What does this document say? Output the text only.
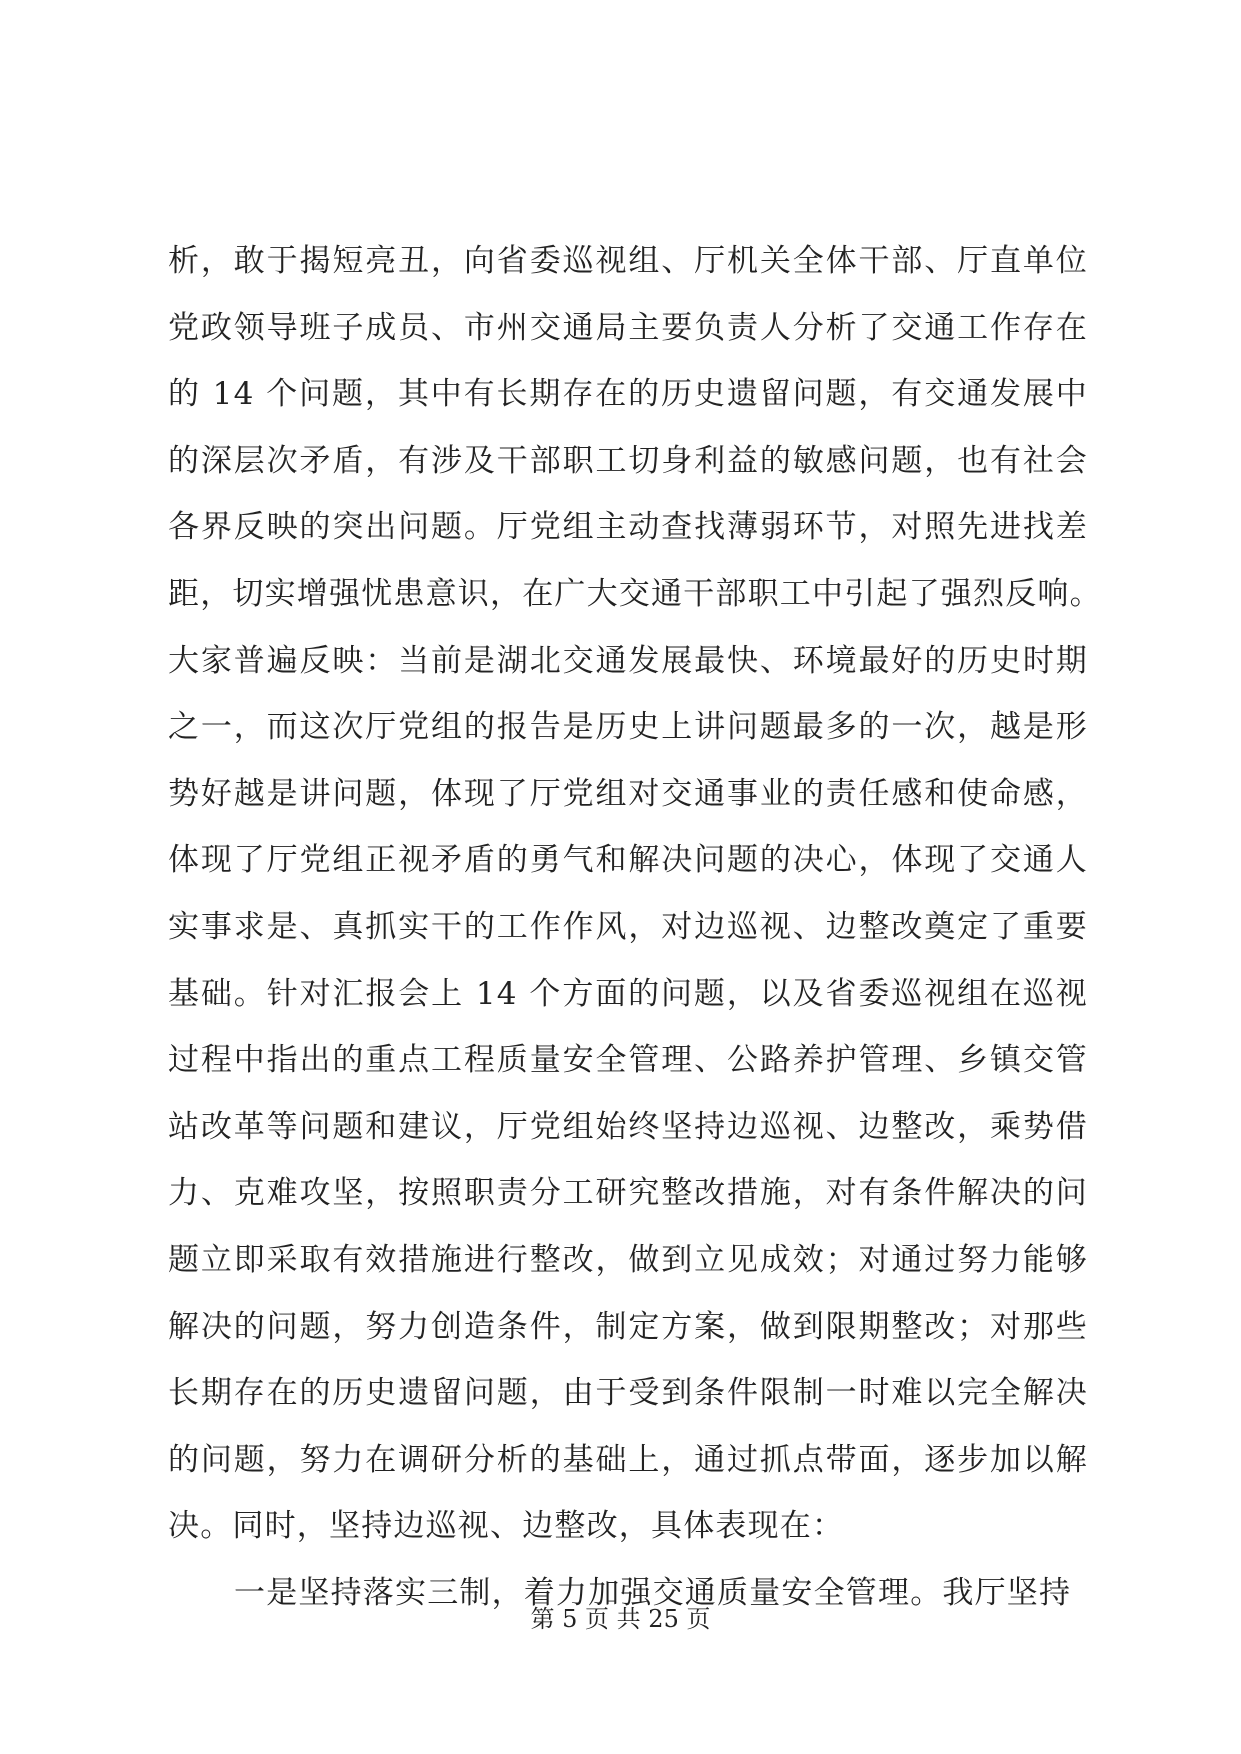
析，敢于揭短亮丑，向省委巡视组、厅机关全体干部、厅直单位
党政领导班子成员、市州交通局主要负责人分析了交通工作存在
的 14 个问题，其中有长期存在的历史遗留问题，有交通发展中
的深层次矛盾，有涉及干部职工切身利益的敏感问题，也有社会
各界反映的突出问题。厅党组主动查找薄弱环节，对照先进找差
距，切实增强忧患意识，在广大交通干部职工中引起了强烈反响。
大家普遍反映：当前是湖北交通发展最快、环境最好的历史时期
之一，而这次厅党组的报告是历史上讲问题最多的一次，越是形
势好越是讲问题，体现了厅党组对交通事业的责任感和使命感，
体现了厅党组正视矛盾的勇气和解决问题的决心，体现了交通人
实事求是、真抓实干的工作作风，对边巡视、边整改奠定了重要
基础。针对汇报会上 14 个方面的问题，以及省委巡视组在巡视
过程中指出的重点工程质量安全管理、公路养护管理、乡镇交管
站改革等问题和建议，厅党组始终坚持边巡视、边整改，乘势借
力、克难攻坚，按照职责分工研究整改措施，对有条件解决的问
题立即采取有效措施进行整改，做到立见成效；对通过努力能够
解决的问题，努力创造条件，制定方案，做到限期整改；对那些
长期存在的历史遗留问题，由于受到条件限制一时难以完全解决
的问题，努力在调研分析的基础上，通过抓点带面，逐步加以解
决。同时，坚持边巡视、边整改，具体表现在：
一是坚持落实三制，着力加强交通质量安全管理。我厅坚持
第 5 页 共 25 页
